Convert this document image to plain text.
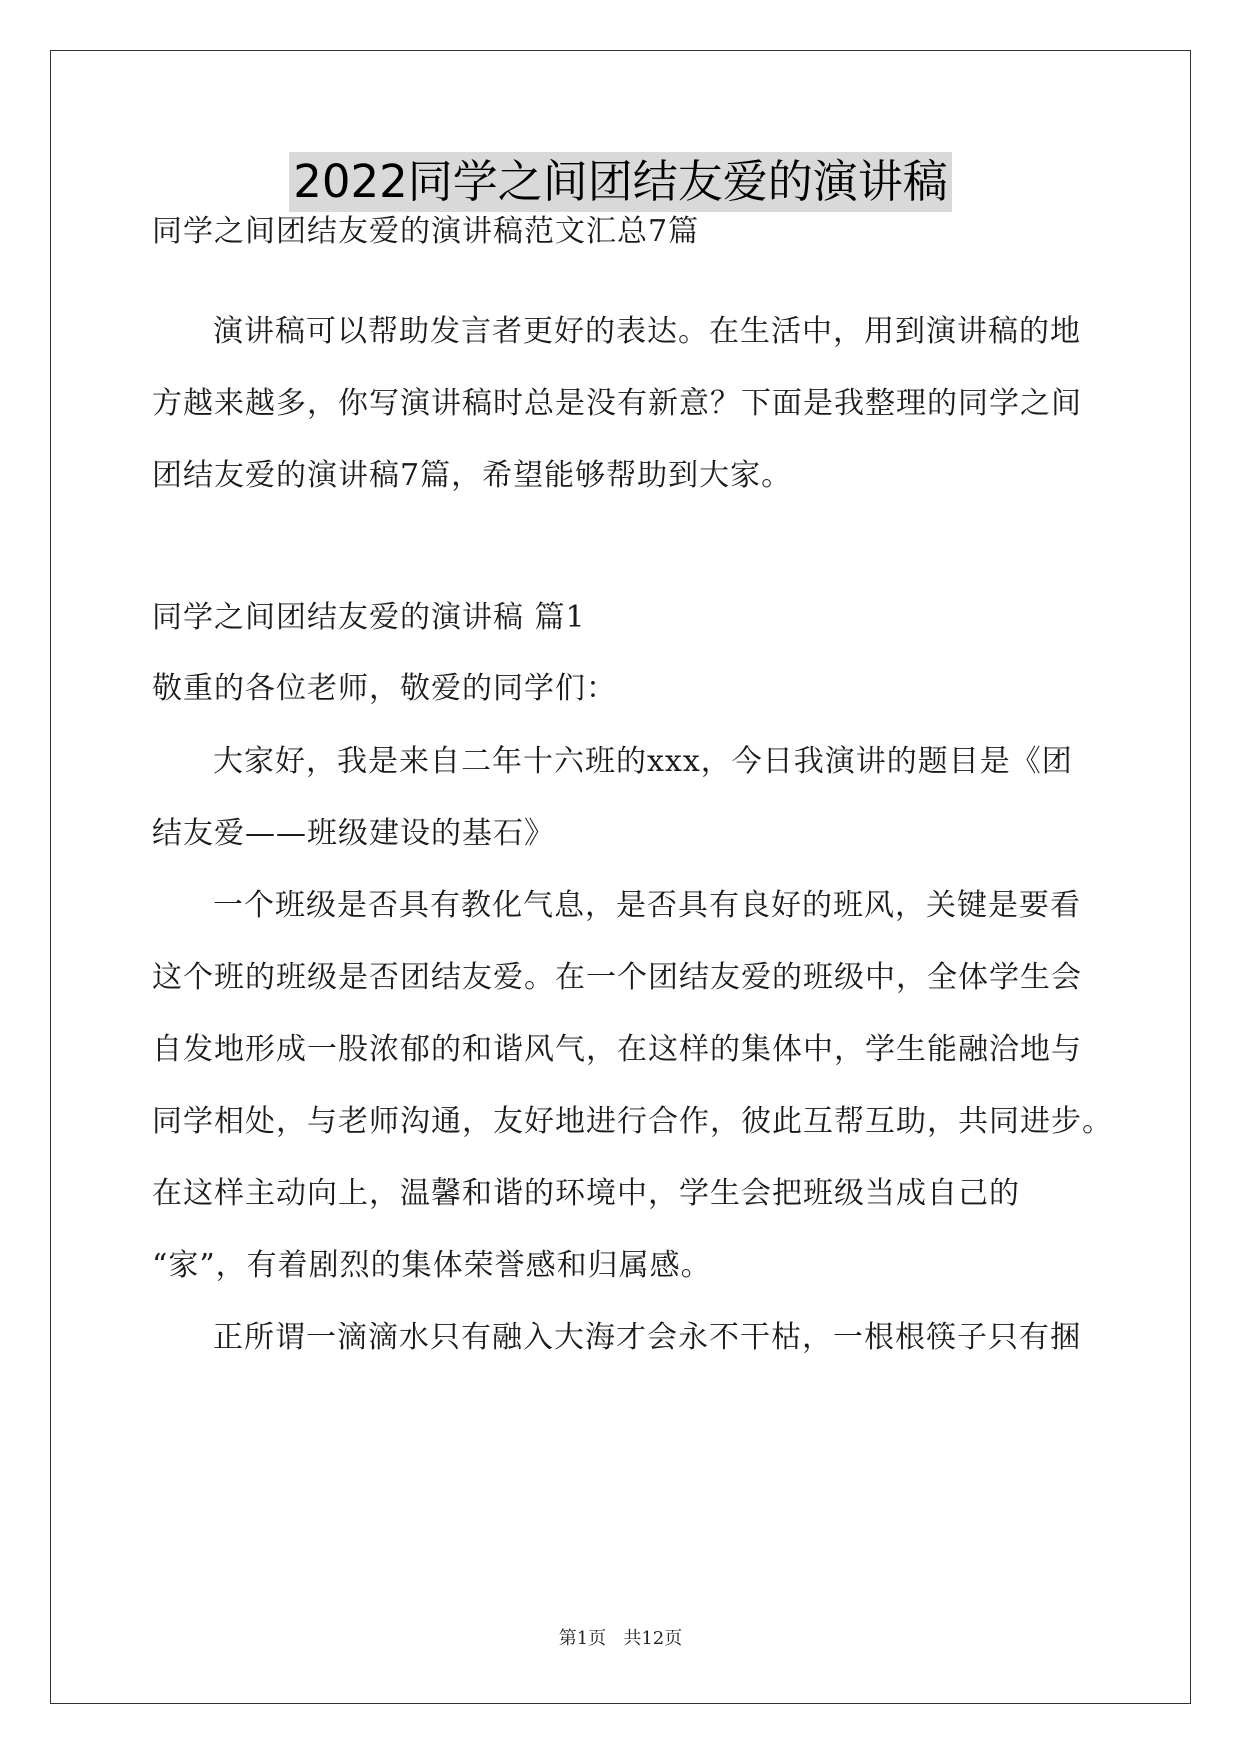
2022同学之间团结友爱的演讲稿
同学之间团结友爱的演讲稿范文汇总7篇
演讲稿可以帮助发言者更好的表达。在生活中，用到演讲稿的地
方越来越多，你写演讲稿时总是没有新意？下面是我整理的同学之间
团结友爱的演讲稿7篇，希望能够帮助到大家。
同学之间团结友爱的演讲稿 篇1
敬重的各位老师，敬爱的同学们：
大家好，我是来自二年十六班的xxx，今日我演讲的题目是《团
结友爱——班级建设的基石》
一个班级是否具有教化气息，是否具有良好的班风，关键是要看
这个班的班级是否团结友爱。在一个团结友爱的班级中，全体学生会
自发地形成一股浓郁的和谐风气，在这样的集体中，学生能融洽地与
同学相处，与老师沟通，友好地进行合作，彼此互帮互助，共同进步。
在这样主动向上，温馨和谐的环境中，学生会把班级当成自己的
“家”，有着剧烈的集体荣誉感和归属感。
正所谓一滴滴水只有融入大海才会永不干枯，一根根筷子只有捆
第1页   共12页
